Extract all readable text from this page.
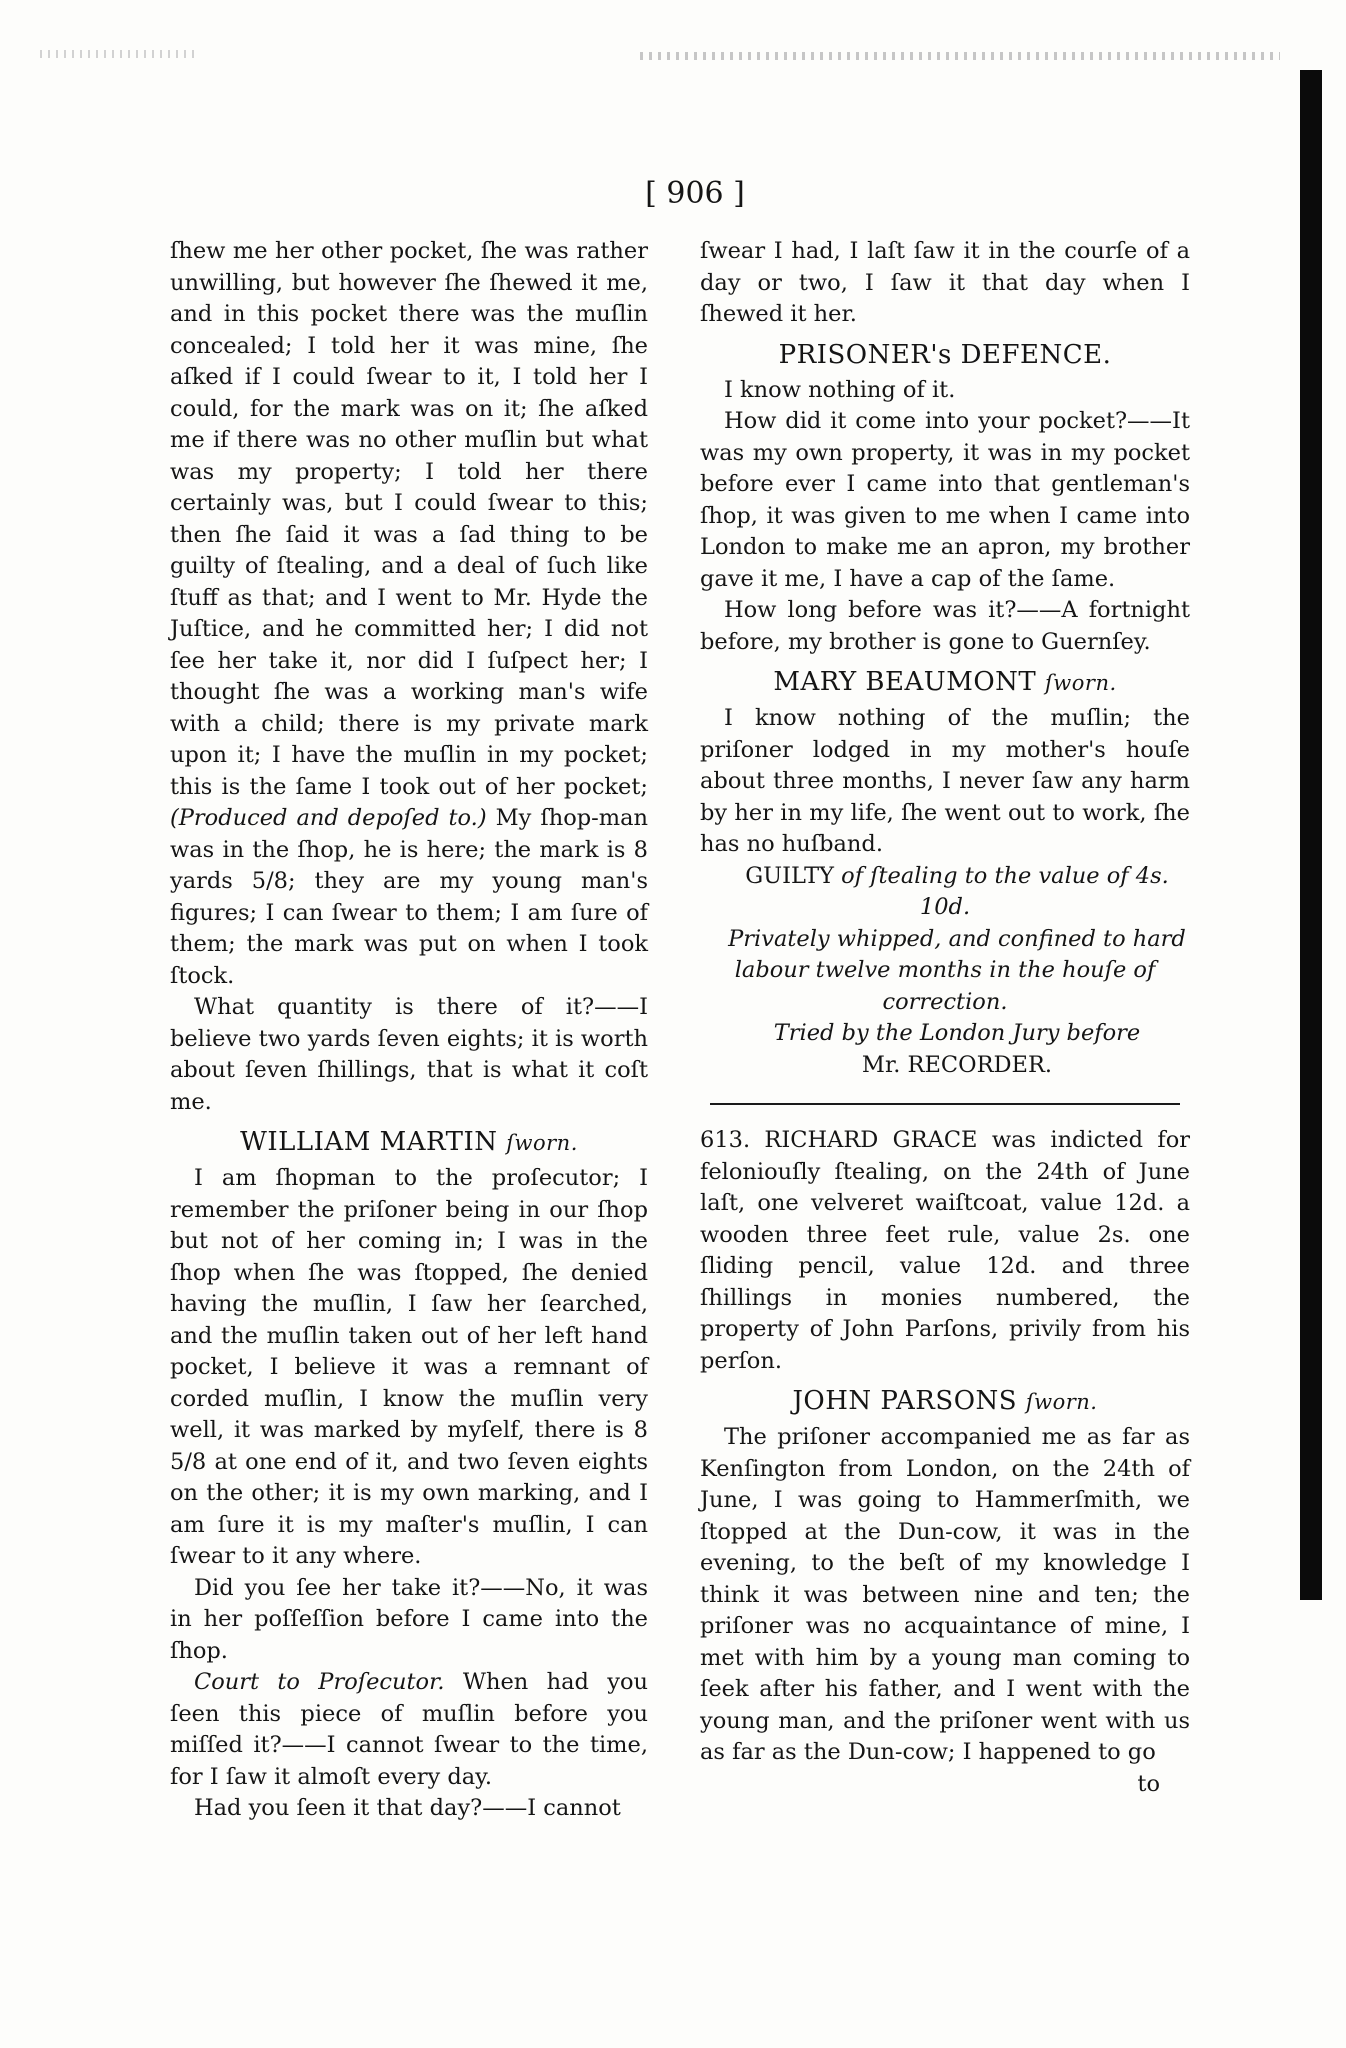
[ 906 ]

ſhew me her other pocket, ſhe was rather unwilling, but however ſhe ſhewed it me, and in this pocket there was the muſlin concealed; I told her it was mine, ſhe aſked if I could ſwear to it, I told her I could, for the mark was on it; ſhe aſked me if there was no other muſlin but what was my property; I told her there certainly was, but I could ſwear to this; then ſhe ſaid it was a ſad thing to be guilty of ſtealing, and a deal of ſuch like ſtuff as that; and I went to Mr. Hyde the Juſtice, and he committed her; I did not ſee her take it, nor did I ſuſpect her; I thought ſhe was a working man's wife with a child; there is my private mark upon it; I have the muſlin in my pocket; this is the ſame I took out of her pocket; (Produced and depoſed to.) My ſhop-man was in the ſhop, he is here; the mark is 8 yards 5/8; they are my young man's figures; I can ſwear to them; I am ſure of them; the mark was put on when I took ſtock.

What quantity is there of it?——I believe two yards ſeven eights; it is worth about ſeven ſhillings, that is what it coſt me.

WILLIAM MARTIN ſworn.

I am ſhopman to the proſecutor; I remember the priſoner being in our ſhop but not of her coming in; I was in the ſhop when ſhe was ſtopped, ſhe denied having the muſlin, I ſaw her ſearched, and the muſlin taken out of her left hand pocket, I believe it was a remnant of corded muſlin, I know the muſlin very well, it was marked by myſelf, there is 8 5/8 at one end of it, and two ſeven eights on the other; it is my own marking, and I am ſure it is my maſter's muſlin, I can ſwear to it any where.

Did you ſee her take it?——No, it was in her poſſeſſion before I came into the ſhop.

Court to Proſecutor. When had you ſeen this piece of muſlin before you miſſed it?——I cannot ſwear to the time, for I ſaw it almoſt every day.

Had you ſeen it that day?——I cannot

ſwear I had, I laſt ſaw it in the courſe of a day or two, I ſaw it that day when I ſhewed it her.

PRISONER's DEFENCE.

I know nothing of it.

How did it come into your pocket?——It was my own property, it was in my pocket before ever I came into that gentleman's ſhop, it was given to me when I came into London to make me an apron, my brother gave it me, I have a cap of the ſame.

How long before was it?——A fortnight before, my brother is gone to Guernſey.

MARY BEAUMONT ſworn.

I know nothing of the muſlin; the priſoner lodged in my mother's houſe about three months, I never ſaw any harm by her in my life, ſhe went out to work, ſhe has no huſband.

GUILTY of ſtealing to the value of 4s. 10d.

Privately whipped, and confined to hard labour twelve months in the houſe of correction.

Tried by the London Jury before

Mr. RECORDER.

613. RICHARD GRACE was indicted for feloniouſly ſtealing, on the 24th of June laſt, one velveret waiſtcoat, value 12d. a wooden three feet rule, value 2s. one ſliding pencil, value 12d. and three ſhillings in monies numbered, the property of John Parſons, privily from his perſon.

JOHN PARSONS ſworn.

The priſoner accompanied me as far as Kenſington from London, on the 24th of June, I was going to Hammerſmith, we ſtopped at the Dun-cow, it was in the evening, to the beſt of my knowledge I think it was between nine and ten; the priſoner was no acquaintance of mine, I met with him by a young man coming to ſeek after his father, and I went with the young man, and the priſoner went with us as far as the Dun-cow; I happened to go

to
